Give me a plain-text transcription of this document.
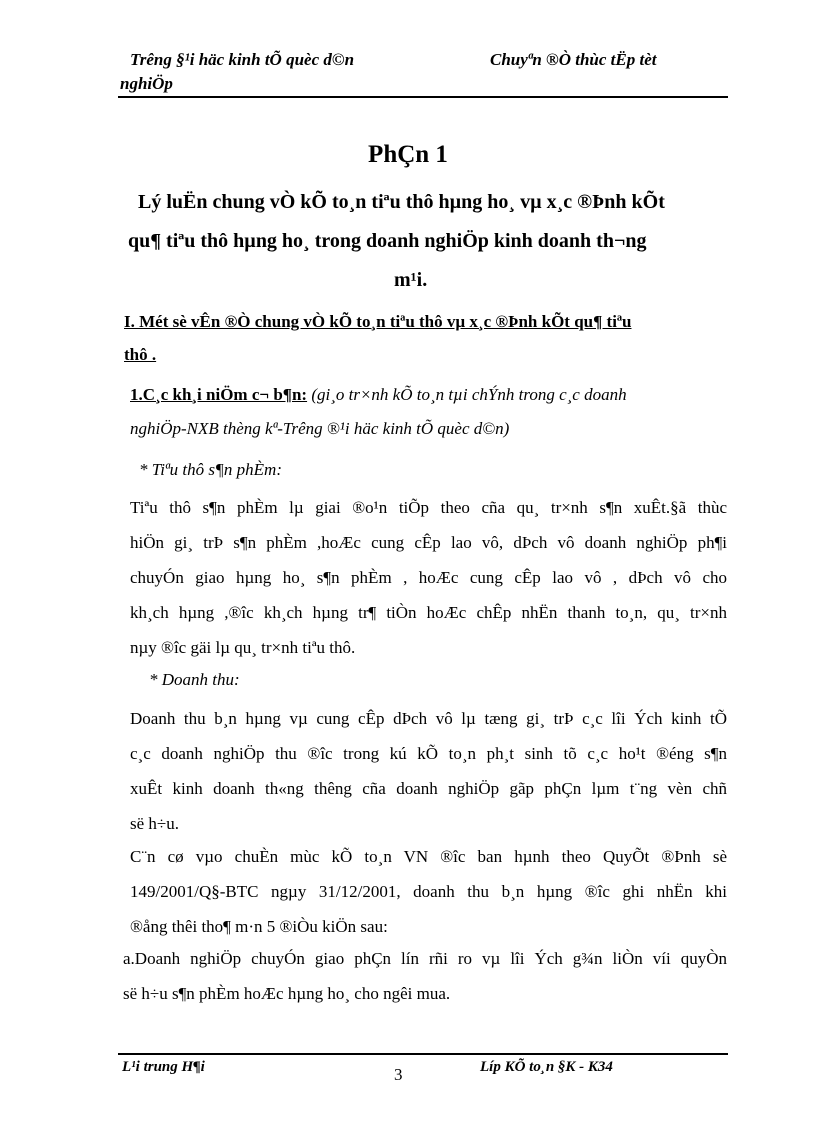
Trêng §¹i häc kinh tÕ quèc d©n	Chuyªn ®Ò thùc tËp tèt
nghiÖp
PhÇn 1
Lý luËn chung vÒ kÕ to¸n tiªu thô hµng ho¸ vµ x¸c ®Þnh kÕt
qu¶ tiªu thô hµng ho¸ trong doanh nghiÖp kinh doanh th¬ng
m¹i.
I. Mét sè vÊn ®Ò chung vÒ kÕ to¸n tiªu thô vµ x¸c ®Þnh kÕt qu¶ tiªu
thô .
1.C¸c kh¸i niÖm c¬ b¶n: (gi¸o tr×nh kÕ to¸n tµi chÝnh trong c¸c doanh
nghiÖp-NXB thèng kª-Trêng ®¹i häc kinh tÕ quèc d©n)
* Tiªu thô s¶n phÈm:
Tiªu thô s¶n phÈm lµ giai ®o¹n tiÕp theo cña qu¸ tr×nh s¶n xuÊt.§ã thùc
hiÖn gi¸ trÞ s¶n phÈm ,hoÆc cung cÊp lao vô, dÞch vô doanh nghiÖp ph¶i
chuyÓn giao hµng ho¸ s¶n phÈm , hoÆc cung cÊp lao vô , dÞch vô cho
kh¸ch hµng ,®îc kh¸ch hµng tr¶ tiÒn hoÆc chÊp nhËn thanh to¸n, qu¸ tr×nh
nµy ®îc gäi lµ qu¸ tr×nh tiªu thô.
* Doanh thu:
Doanh thu b¸n hµng vµ cung cÊp dÞch vô lµ tæng gi¸ trÞ c¸c lîi Ých kinh tÕ
c¸c doanh nghiÖp thu ®îc trong kú kÕ to¸n ph¸t sinh tõ c¸c ho¹t ®éng s¶n
xuÊt kinh doanh th«ng thêng cña doanh nghiÖp gãp phÇn lµm t¨ng vèn chñ
së h÷u.
C¨n cø vµo chuÈn mùc kÕ to¸n VN ®îc ban hµnh theo QuyÕt ®Þnh sè
149/2001/Q§-BTC ngµy 31/12/2001, doanh thu b¸n hµng ®îc ghi nhËn khi
®ång thêi tho¶ m·n 5 ®iÒu kiÖn sau:
a.Doanh nghiÖp chuyÓn giao phÇn lín rñi ro vµ lîi Ých g¾n liÒn víi quyÒn
së h÷u s¶n phÈm hoÆc hµng ho¸ cho ngêi mua.
L¹i trung H¶i	3	Líp KÕ to¸n §K - K34
